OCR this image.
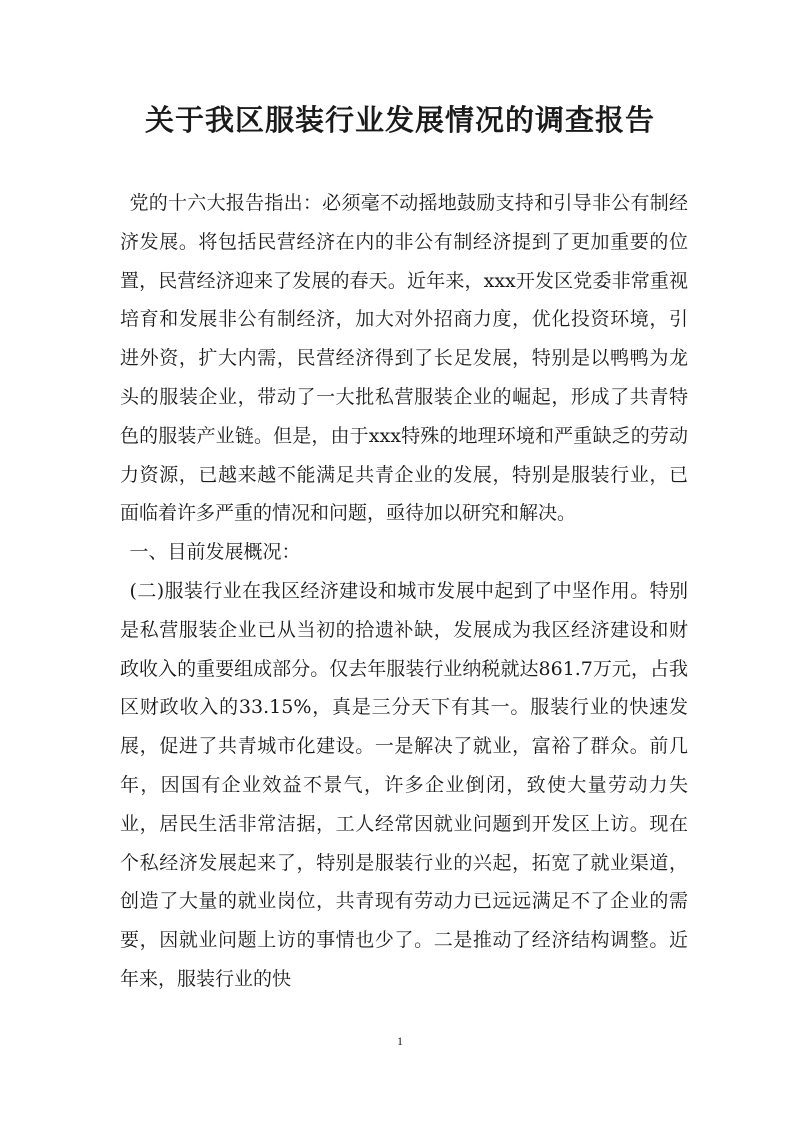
关于我区服装行业发展情况的调查报告

党的十六大报告指出：必须毫不动摇地鼓励支持和引导非公有制经济发展。将包括民营经济在内的非公有制经济提到了更加重要的位置，民营经济迎来了发展的春天。近年来，xxx开发区党委非常重视培育和发展非公有制经济，加大对外招商力度，优化投资环境，引进外资，扩大内需，民营经济得到了长足发展，特别是以鸭鸭为龙头的服装企业，带动了一大批私营服装企业的崛起，形成了共青特色的服装产业链。但是，由于xxx特殊的地理环境和严重缺乏的劳动力资源，已越来越不能满足共青企业的发展，特别是服装行业，已面临着许多严重的情况和问题，亟待加以研究和解决。

一、目前发展概况：

(二)服装行业在我区经济建设和城市发展中起到了中坚作用。特别是私营服装企业已从当初的拾遗补缺，发展成为我区经济建设和财政收入的重要组成部分。仅去年服装行业纳税就达861.7万元，占我区财政收入的33.15%，真是三分天下有其一。服装行业的快速发展，促进了共青城市化建设。一是解决了就业，富裕了群众。前几年，因国有企业效益不景气，许多企业倒闭，致使大量劳动力失业，居民生活非常洁据，工人经常因就业问题到开发区上访。现在个私经济发展起来了，特别是服装行业的兴起，拓宽了就业渠道，创造了大量的就业岗位，共青现有劳动力已远远满足不了企业的需要，因就业问题上访的事情也少了。二是推动了经济结构调整。近年来，服装行业的快

1
